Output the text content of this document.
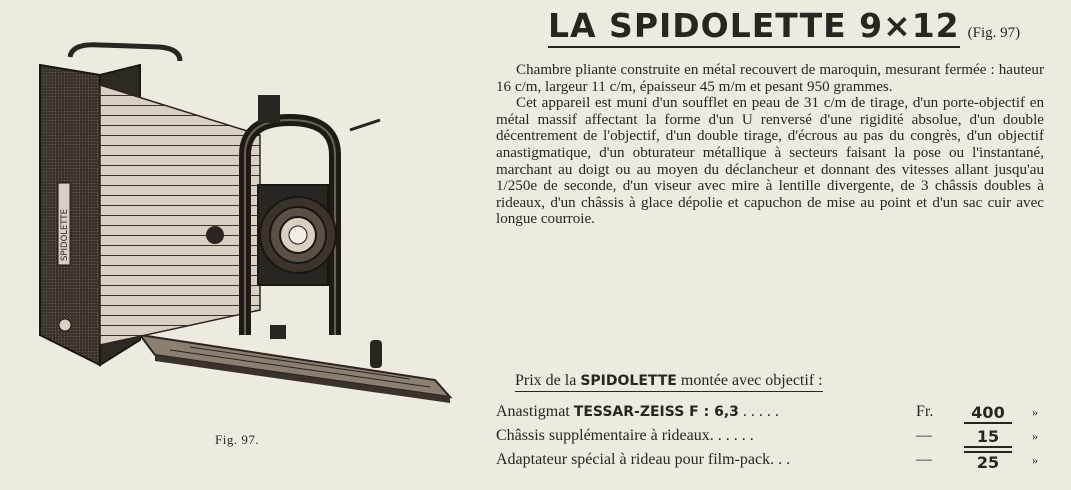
SPIDOLETTE
Fig. 97.
LA SPIDOLETTE 9×12 (Fig. 97)

Chambre pliante construite en métal recouvert de maroquin, mesurant fermée : hauteur 16 c/m, largeur 11 c/m, épaisseur 45 m/m et pesant 950 grammes.

Cet appareil est muni d'un soufflet en peau de 31 c/m de tirage, d'un porte-objectif en métal massif affectant la forme d'un U renversé d'une rigidité absolue, d'un double décentrement de l'objectif, d'un double tirage, d'écrous au pas du congrès, d'un objectif anastigmatique, d'un obturateur métallique à secteurs faisant la pose ou l'instantané, marchant au doigt ou au moyen du déclancheur et donnant des vitesses allant jusqu'au 1/250e de seconde, d'un viseur avec mire à lentille divergente, de 3 châssis doubles à rideaux, d'un châssis à glace dépolie et capuchon de mise au point et d'un sac cuir avec longue courroie.

Prix de la SPIDOLETTE montée avec objectif :
Anastigmat TESSAR-ZEISS F : 6,3 . . . . .	Fr.	400	»
Châssis supplémentaire à rideaux. . . . . .	—	15	»
Adaptateur spécial à rideau pour film-pack. . .	—	25	»
